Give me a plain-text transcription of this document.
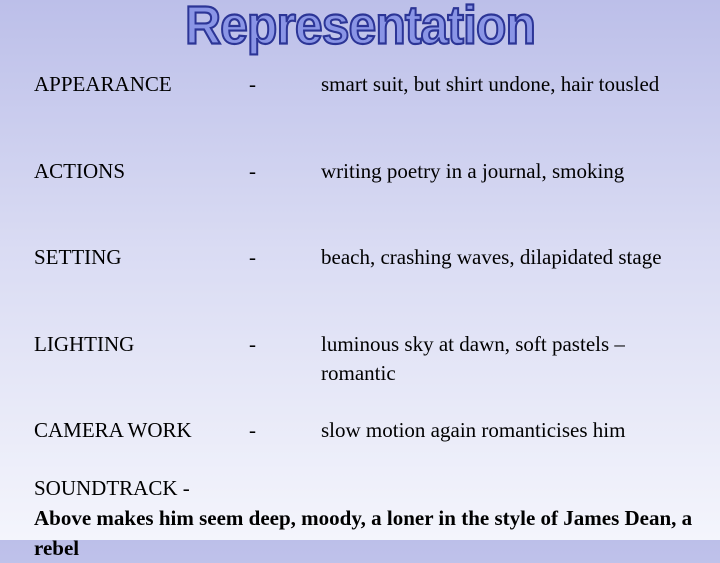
Representation
APPEARANCE	-	smart suit, but shirt undone, hair tousled
ACTIONS	-	writing poetry in a journal, smoking
SETTING	-	beach, crashing waves, dilapidated stage
LIGHTING	-	luminous sky at dawn, soft pastels – romantic
CAMERA WORK	-	slow motion again romanticises him
SOUNDTRACK -
Above makes him seem deep, moody, a loner in the style of James Dean, a rebel
